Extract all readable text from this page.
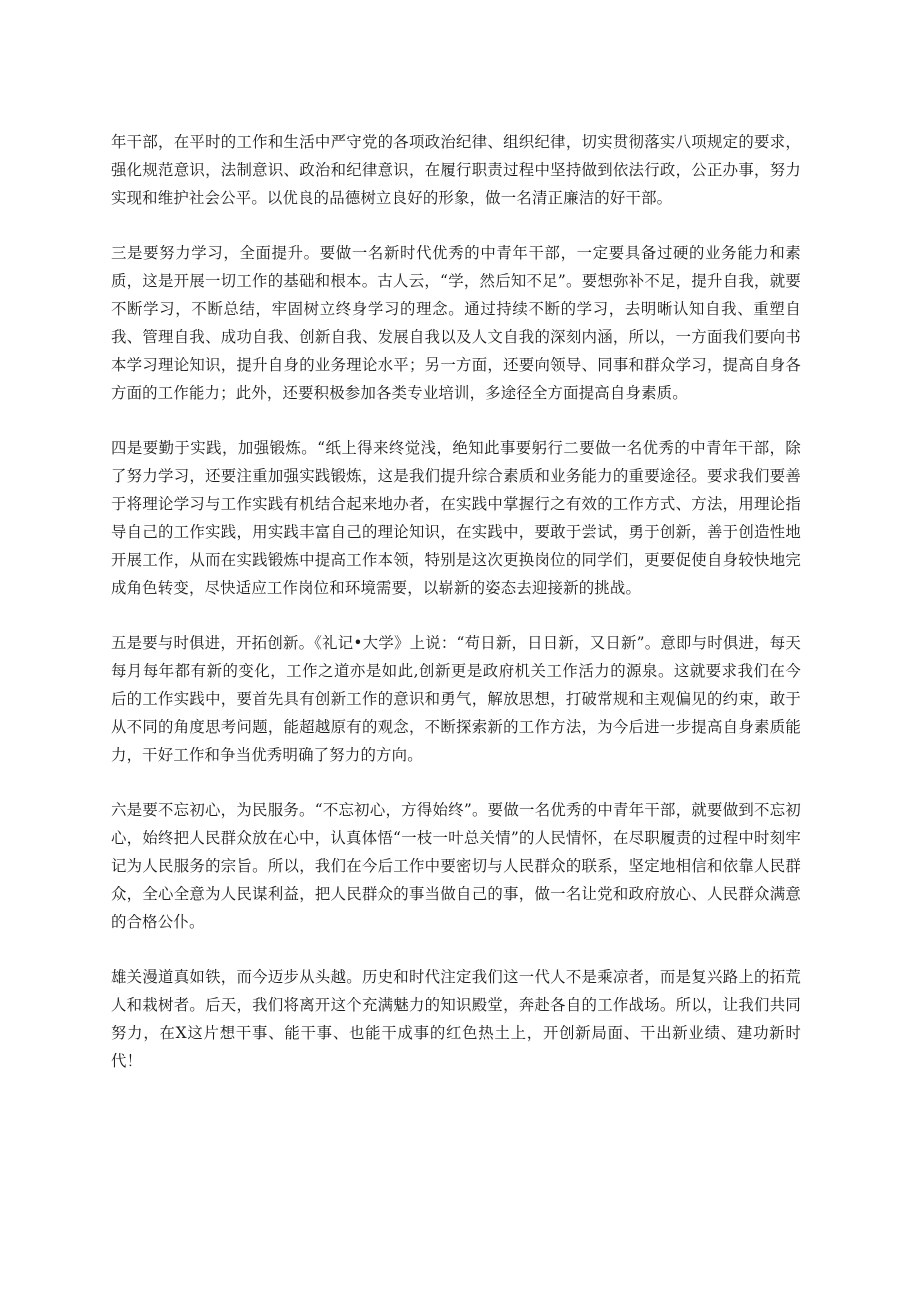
年干部，在平时的工作和生活中严守党的各项政治纪律、组织纪律，切实贯彻落实八项规定的要求，强化规范意识，法制意识、政治和纪律意识，在履行职责过程中坚持做到依法行政，公正办事，努力实现和维护社会公平。以优良的品德树立良好的形象，做一名清正廉洁的好干部。

三是要努力学习，全面提升。要做一名新时代优秀的中青年干部，一定要具备过硬的业务能力和素质，这是开展一切工作的基础和根本。古人云，“学，然后知不足”。要想弥补不足，提升自我，就要不断学习，不断总结，牢固树立终身学习的理念。通过持续不断的学习，去明晰认知自我、重塑自我、管理自我、成功自我、创新自我、发展自我以及人文自我的深刻内涵，所以，一方面我们要向书本学习理论知识，提升自身的业务理论水平；另一方面，还要向领导、同事和群众学习，提高自身各方面的工作能力；此外，还要积极参加各类专业培训，多途径全方面提高自身素质。

四是要勤于实践，加强锻炼。“纸上得来终觉浅，绝知此事要躬行二要做一名优秀的中青年干部，除了努力学习，还要注重加强实践锻炼，这是我们提升综合素质和业务能力的重要途径。要求我们要善于将理论学习与工作实践有机结合起来地办者，在实践中掌握行之有效的工作方式、方法，用理论指导自己的工作实践，用实践丰富自己的理论知识，在实践中，要敢于尝试，勇于创新，善于创造性地开展工作，从而在实践锻炼中提高工作本领，特别是这次更换岗位的同学们，更要促使自身较快地完成角色转变，尽快适应工作岗位和环境需要，以崭新的姿态去迎接新的挑战。

五是要与时俱进，开拓创新。《礼记•大学》上说：“苟日新，日日新，又日新”。意即与时俱进，每天每月每年都有新的变化，工作之道亦是如此,创新更是政府机关工作活力的源泉。这就要求我们在今后的工作实践中，要首先具有创新工作的意识和勇气，解放思想，打破常规和主观偏见的约束，敢于从不同的角度思考问题，能超越原有的观念，不断探索新的工作方法，为今后进一步提高自身素质能力，干好工作和争当优秀明确了努力的方向。

六是要不忘初心，为民服务。“不忘初心，方得始终”。要做一名优秀的中青年干部，就要做到不忘初心，始终把人民群众放在心中，认真体悟“一枝一叶总关情”的人民情怀，在尽职履责的过程中时刻牢记为人民服务的宗旨。所以，我们在今后工作中要密切与人民群众的联系，坚定地相信和依靠人民群众，全心全意为人民谋利益，把人民群众的事当做自己的事，做一名让党和政府放心、人民群众满意的合格公仆。

雄关漫道真如铁，而今迈步从头越。历史和时代注定我们这一代人不是乘凉者，而是复兴路上的拓荒人和栽树者。后天，我们将离开这个充满魅力的知识殿堂，奔赴各自的工作战场。所以，让我们共同努力，在X这片想干事、能干事、也能干成事的红色热土上，开创新局面、干出新业绩、建功新时代！
